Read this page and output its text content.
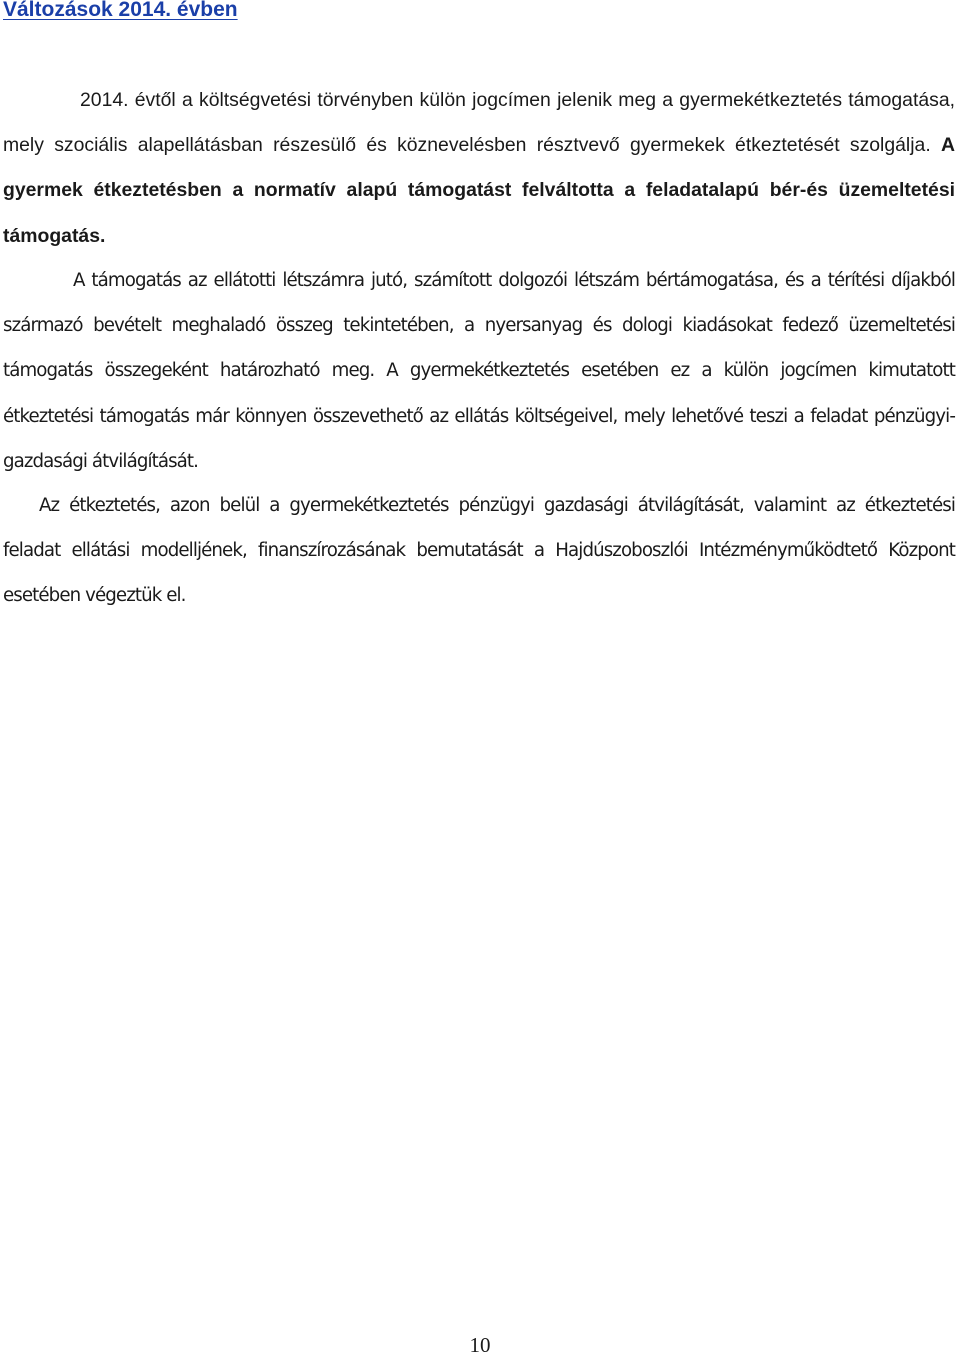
Változások 2014. évben

2014. évtől a költségvetési törvényben külön jogcímen jelenik meg a gyermekétkeztetés támogatása, mely szociális alapellátásban részesülő és köznevelésben résztvevő gyermekek étkeztetését szolgálja. A gyermek étkeztetésben a normatív alapú támogatást felváltotta a feladatalapú bér-és üzemeltetési támogatás.

A támogatás az ellátotti létszámra jutó, számított dolgozói létszám bértámogatása, és a térítési díjakból származó bevételt meghaladó összeg tekintetében, a nyersanyag és dologi kiadásokat fedező üzemeltetési támogatás összegeként határozható meg. A gyermekétkeztetés esetében ez a külön jogcímen kimutatott étkeztetési támogatás már könnyen összevethető az ellátás költségeivel, mely lehetővé teszi a feladat pénzügyi-gazdasági átvilágítását.

Az étkeztetés, azon belül a gyermekétkeztetés pénzügyi gazdasági átvilágítását, valamint az étkeztetési feladat ellátási modelljének, finanszírozásának bemutatását a Hajdúszoboszlói Intézményműködtető Központ esetében végeztük el.

10
